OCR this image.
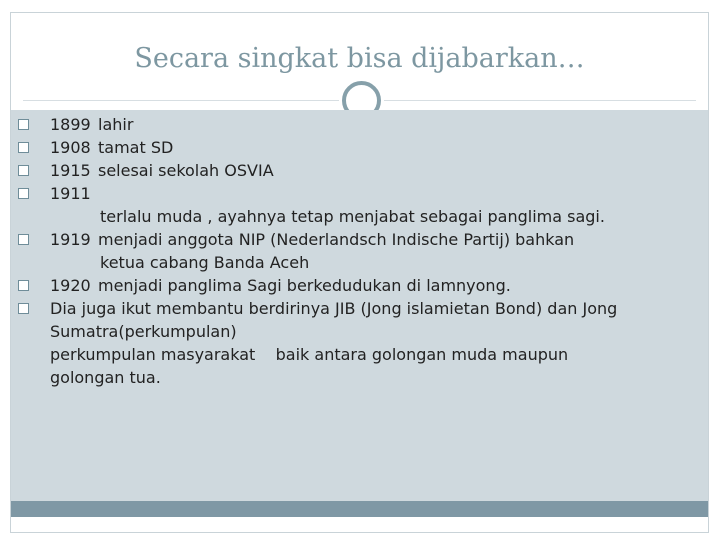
Secara singkat bisa dijabarkan…
1899 lahir
1908 tamat SD
1915 selesai sekolah OSVIA
1911
terlalu muda , ayahnya tetap menjabat sebagai panglima sagi.
1919 menjadi anggota NIP (Nederlandsch Indische Partij) bahkan
ketua cabang Banda Aceh
1920 menjadi panglima Sagi berkedudukan di lamnyong.
Dia juga ikut membantu berdirinya JIB (Jong islamietan Bond) dan Jong
Sumatra(perkumpulan)
perkumpulan masyarakat    baik antara golongan muda maupun
golongan tua.
